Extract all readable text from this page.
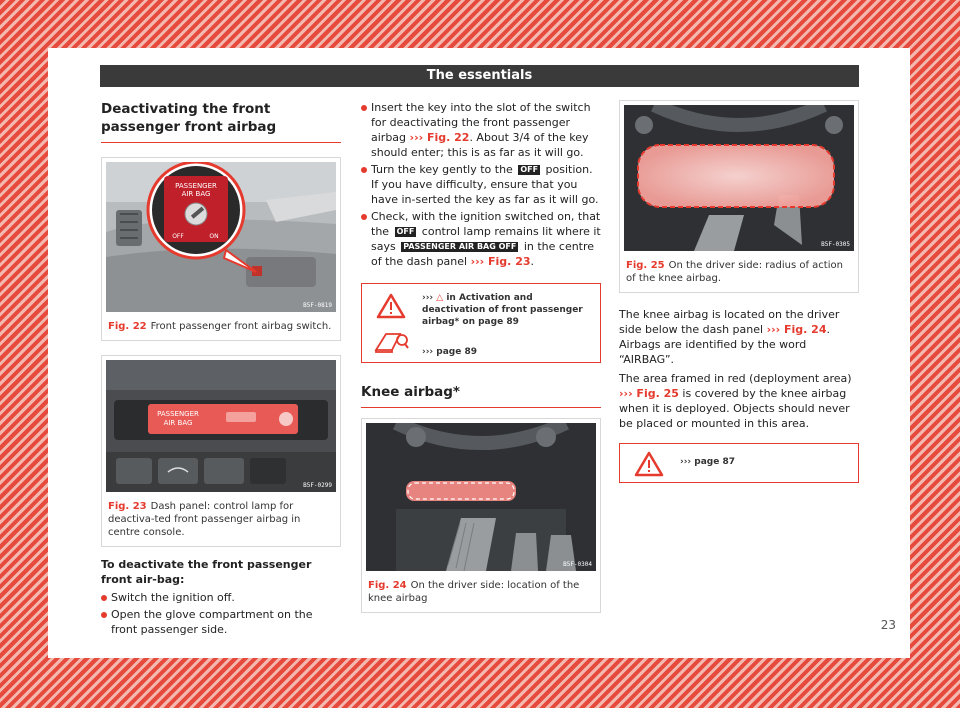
The essentials
Deactivating the front passenger front airbag
PASSENGER
AIR BAG
OFF	ON
B5F-0819
Fig. 22 Front passenger front airbag switch.
PASSENGER
AIR BAG
B5F-0299
Fig. 23 Dash panel: control lamp for deactiva-ted front passenger airbag in centre console.
To deactivate the front passenger front air-bag:
Switch the ignition off.
Open the glove compartment on the front passenger side.
Insert the key into the slot of the switch for deactivating the front passenger airbag ››› Fig. 22. About 3/4 of the key should enter; this is as far as it will go.
Turn the key gently to the OFF position. If you have difficulty, ensure that you have in-serted the key as far as it will go.
Check, with the ignition switched on, that the OFF control lamp remains lit where it says PASSENGER AIR BAG OFF in the centre of the dash panel ››› Fig. 23.
››› △ in Activation and deactivation of front passenger airbag* on page 89
››› page 89
Knee airbag*
B5F-0304
Fig. 24 On the driver side: location of the knee airbag
B5F-0305
Fig. 25 On the driver side: radius of action of the knee airbag.
The knee airbag is located on the driver side below the dash panel ››› Fig. 24. Airbags are identified by the word “AIRBAG”.
The area framed in red (deployment area) ››› Fig. 25 is covered by the knee airbag when it is deployed. Objects should never be placed or mounted in this area.
››› page 87
23
